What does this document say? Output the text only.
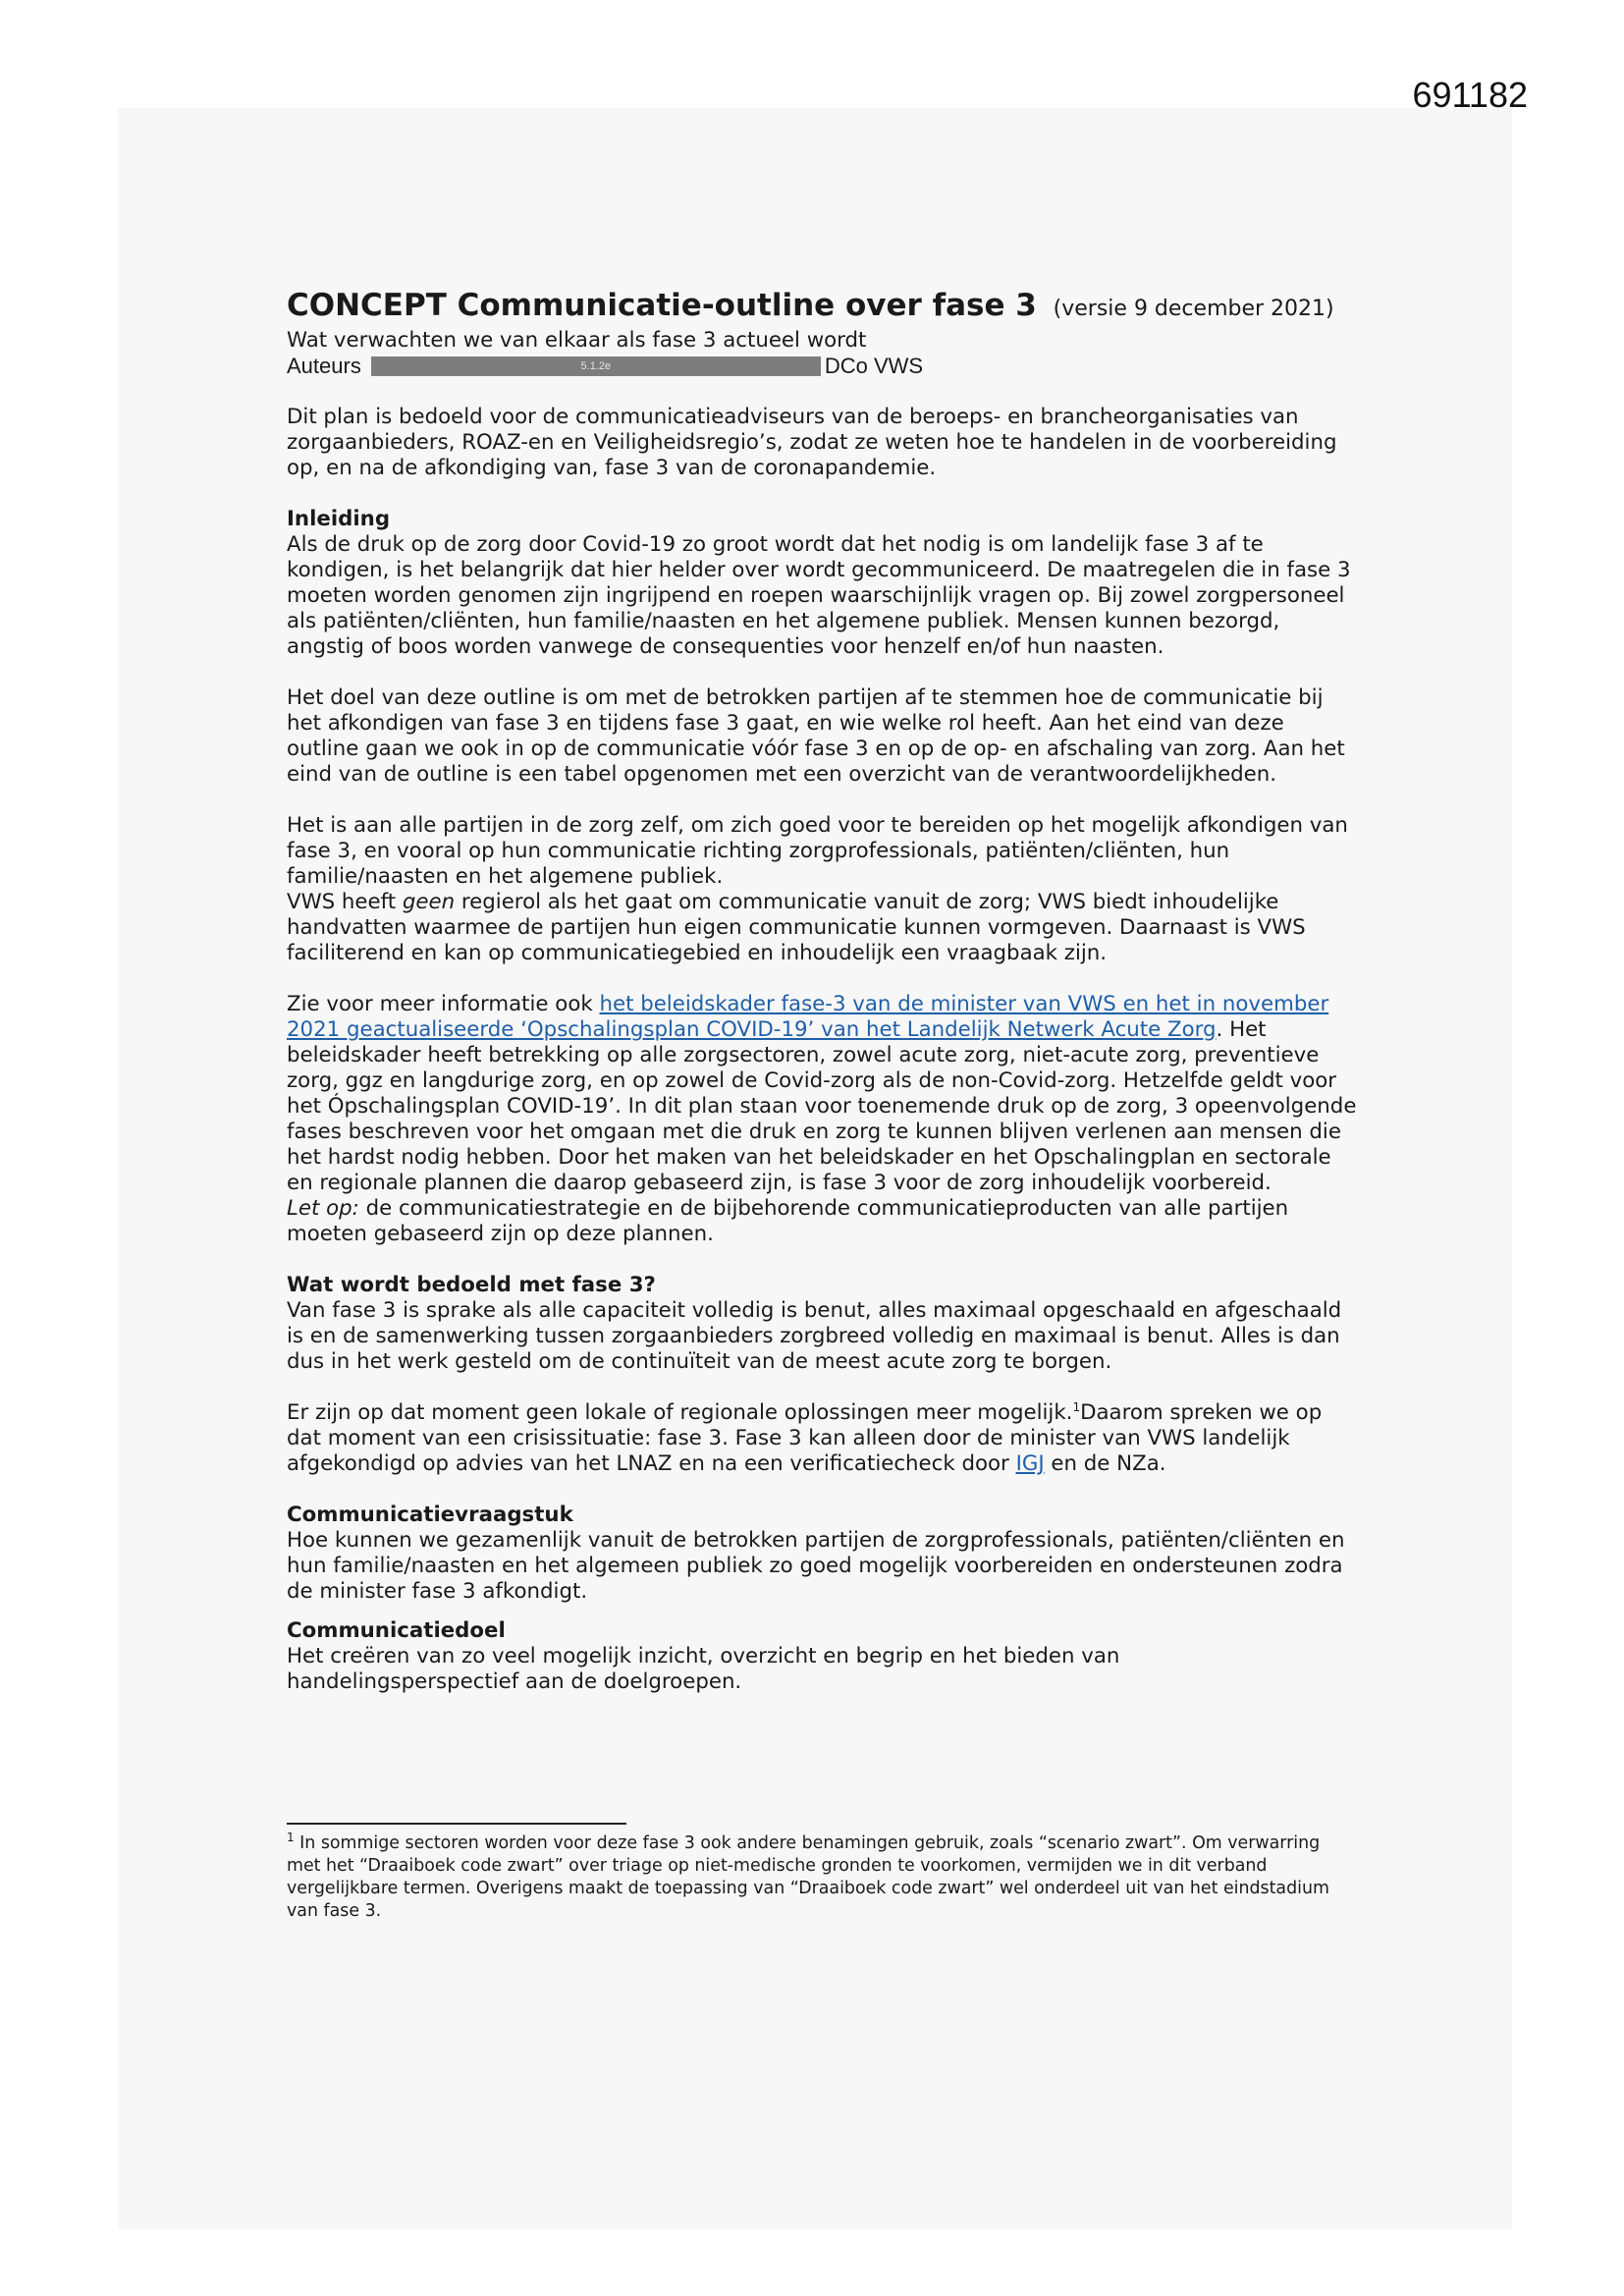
691182
CONCEPT Communicatie-outline over fase 3 (versie 9 december 2021)

Wat verwachten we van elkaar als fase 3 actueel wordt

Auteurs	5.1.2e	DCo VWS

Dit plan is bedoeld voor de communicatieadviseurs van de beroeps- en brancheorganisaties van zorgaanbieders, ROAZ-en en Veiligheidsregio’s, zodat ze weten hoe te handelen in de voorbereiding op, en na de afkondiging van, fase 3 van de coronapandemie.

Inleiding

Als de druk op de zorg door Covid-19 zo groot wordt dat het nodig is om landelijk fase 3 af te kondigen, is het belangrijk dat hier helder over wordt gecommuniceerd. De maatregelen die in fase 3 moeten worden genomen zijn ingrijpend en roepen waarschijnlijk vragen op. Bij zowel zorgpersoneel als patiënten/cliënten, hun familie/naasten en het algemene publiek. Mensen kunnen bezorgd, angstig of boos worden vanwege de consequenties voor henzelf en/of hun naasten.

Het doel van deze outline is om met de betrokken partijen af te stemmen hoe de communicatie bij het afkondigen van fase 3 en tijdens fase 3 gaat, en wie welke rol heeft. Aan het eind van deze outline gaan we ook in op de communicatie vóór fase 3 en op de op- en afschaling van zorg. Aan het eind van de outline is een tabel opgenomen met een overzicht van de verantwoordelijkheden.

Het is aan alle partijen in de zorg zelf, om zich goed voor te bereiden op het mogelijk afkondigen van fase 3, en vooral op hun communicatie richting zorgprofessionals, patiënten/cliënten, hun familie/naasten en het algemene publiek.

VWS heeft geen regierol als het gaat om communicatie vanuit de zorg; VWS biedt inhoudelijke handvatten waarmee de partijen hun eigen communicatie kunnen vormgeven. Daarnaast is VWS faciliterend en kan op communicatiegebied en inhoudelijk een vraagbaak zijn.

Zie voor meer informatie ook het beleidskader fase-3 van de minister van VWS en het in november 2021 geactualiseerde ‘Opschalingsplan COVID-19’ van het Landelijk Netwerk Acute Zorg. Het beleidskader heeft betrekking op alle zorgsectoren, zowel acute zorg, niet-acute zorg, preventieve zorg, ggz en langdurige zorg, en op zowel de Covid-zorg als de non-Covid-zorg. Hetzelfde geldt voor het Ópschalingsplan COVID-19’. In dit plan staan voor toenemende druk op de zorg, 3 opeenvolgende fases beschreven voor het omgaan met die druk en zorg te kunnen blijven verlenen aan mensen die het hardst nodig hebben. Door het maken van het beleidskader en het Opschalingplan en sectorale en regionale plannen die daarop gebaseerd zijn, is fase 3 voor de zorg inhoudelijk voorbereid.

Let op: de communicatiestrategie en de bijbehorende communicatieproducten van alle partijen moeten gebaseerd zijn op deze plannen.

Wat wordt bedoeld met fase 3?

Van fase 3 is sprake als alle capaciteit volledig is benut, alles maximaal opgeschaald en afgeschaald is en de samenwerking tussen zorgaanbieders zorgbreed volledig en maximaal is benut. Alles is dan dus in het werk gesteld om de continuïteit van de meest acute zorg te borgen.

Er zijn op dat moment geen lokale of regionale oplossingen meer mogelijk.$^1$Daarom spreken we op dat moment van een crisissituatie: fase 3. Fase 3 kan alleen door de minister van VWS landelijk afgekondigd op advies van het LNAZ en na een verificatiecheck door IGJ en de NZa.

Communicatievraagstuk

Hoe kunnen we gezamenlijk vanuit de betrokken partijen de zorgprofessionals, patiënten/cliënten en hun familie/naasten en het algemeen publiek zo goed mogelijk voorbereiden en ondersteunen zodra de minister fase 3 afkondigt.

Communicatiedoel

Het creëren van zo veel mogelijk inzicht, overzicht en begrip en het bieden van handelingsperspectief aan de doelgroepen.

$^1$ In sommige sectoren worden voor deze fase 3 ook andere benamingen gebruik, zoals “scenario zwart”. Om verwarring met het “Draaiboek code zwart” over triage op niet-medische gronden te voorkomen, vermijden we in dit verband vergelijkbare termen. Overigens maakt de toepassing van “Draaiboek code zwart” wel onderdeel uit van het eindstadium van fase 3.
